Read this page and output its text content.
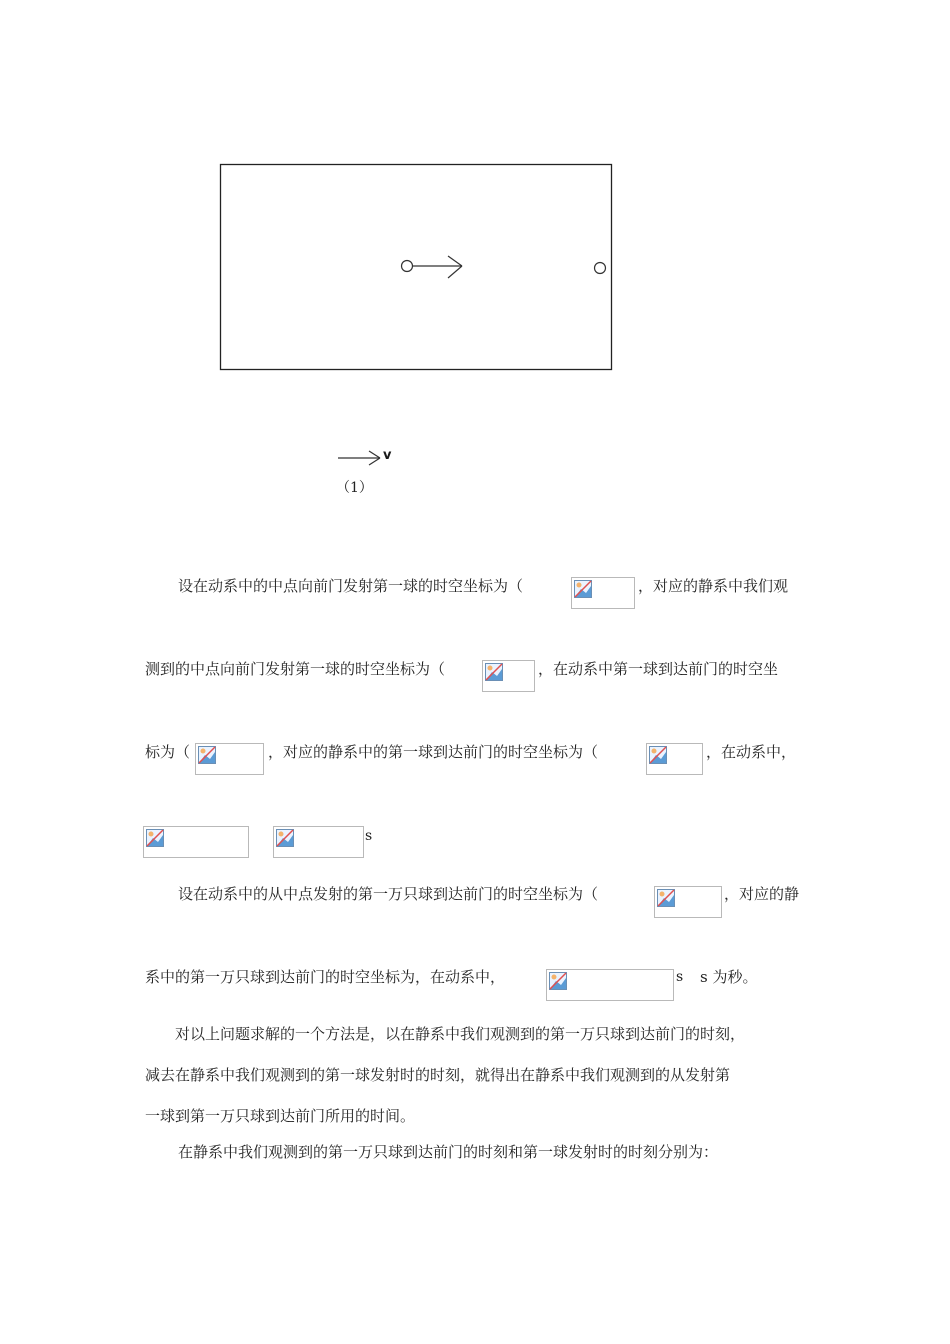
v
（1）
设在动系中的中点向前门发射第一球的时空坐标为（	，对应的静系中我们观
测到的中点向前门发射第一球的时空坐标为（	，在动系中第一球到达前门的时空坐
标为（	，对应的静系中的第一球到达前门的时空坐标为（	，在动系中，
s
设在动系中的从中点发射的第一万只球到达前门的时空坐标为（	，对应的静
系中的第一万只球到达前门的时空坐标为，在动系中，	s s 为秒。
对以上问题求解的一个方法是，以在静系中我们观测到的第一万只球到达前门的时刻，
减去在静系中我们观测到的第一球发射时的时刻，就得出在静系中我们观测到的从发射第
一球到第一万只球到达前门所用的时间。
在静系中我们观测到的第一万只球到达前门的时刻和第一球发射时的时刻分别为：
